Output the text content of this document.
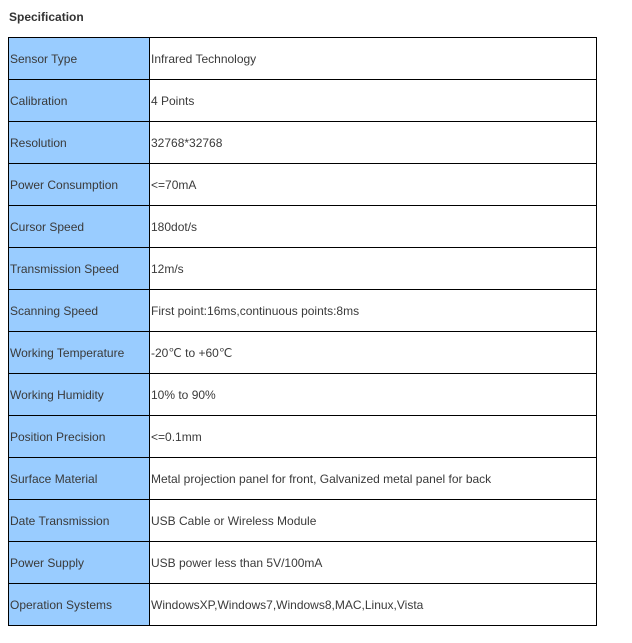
Specification
Sensor Type	Infrared Technology
Calibration	4 Points
Resolution	32768*32768
Power Consumption	<=70mA
Cursor Speed	180dot/s
Transmission Speed	12m/s
Scanning Speed	First point:16ms,continuous points:8ms
Working Temperature	-20℃ to +60℃
Working Humidity	10% to 90%
Position Precision	<=0.1mm
Surface Material	Metal projection panel for front, Galvanized metal panel for back
Date Transmission	USB Cable or Wireless Module
Power Supply	USB power less than 5V/100mA
Operation Systems	WindowsXP,Windows7,Windows8,MAC,Linux,Vista
